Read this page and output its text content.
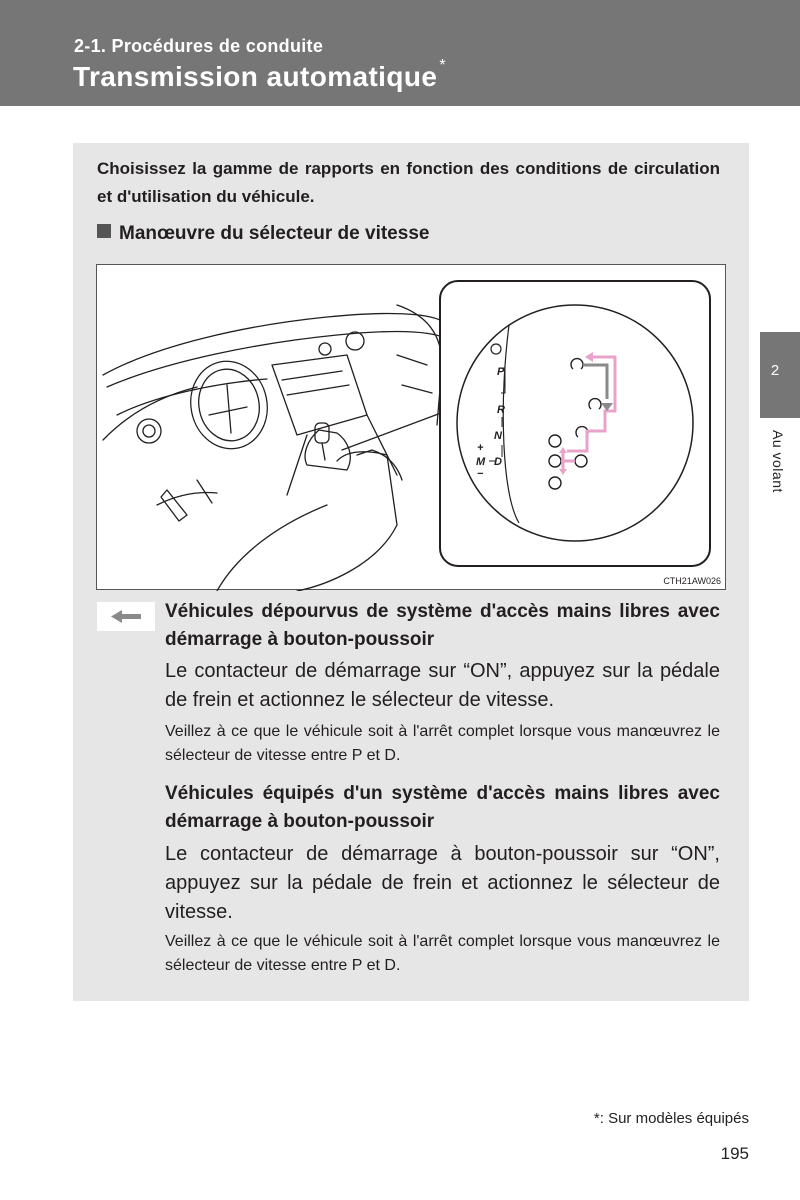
2-1. Procédures de conduite
Transmission automatique *
Choisissez la gamme de rapports en fonction des conditions de circulation et d'utilisation du véhicule.
Manœuvre du sélecteur de vitesse
P
R
N
D
M
+
−
CTH21AW026
Véhicules dépourvus de système d'accès mains libres avec démarrage à bouton-poussoir
Le contacteur de démarrage sur “ON”, appuyez sur la pédale de frein et actionnez le sélecteur de vitesse.
Veillez à ce que le véhicule soit à l'arrêt complet lorsque vous manœuvrez le sélecteur de vitesse entre P et D.
Véhicules équipés d'un système d'accès mains libres avec démarrage à bouton-poussoir
Le contacteur de démarrage à bouton-poussoir sur “ON”, appuyez sur la pédale de frein et actionnez le sélecteur de vitesse.
Veillez à ce que le véhicule soit à l'arrêt complet lorsque vous manœuvrez le sélecteur de vitesse entre P et D.
2
Au volant
*: Sur modèles équipés
195
